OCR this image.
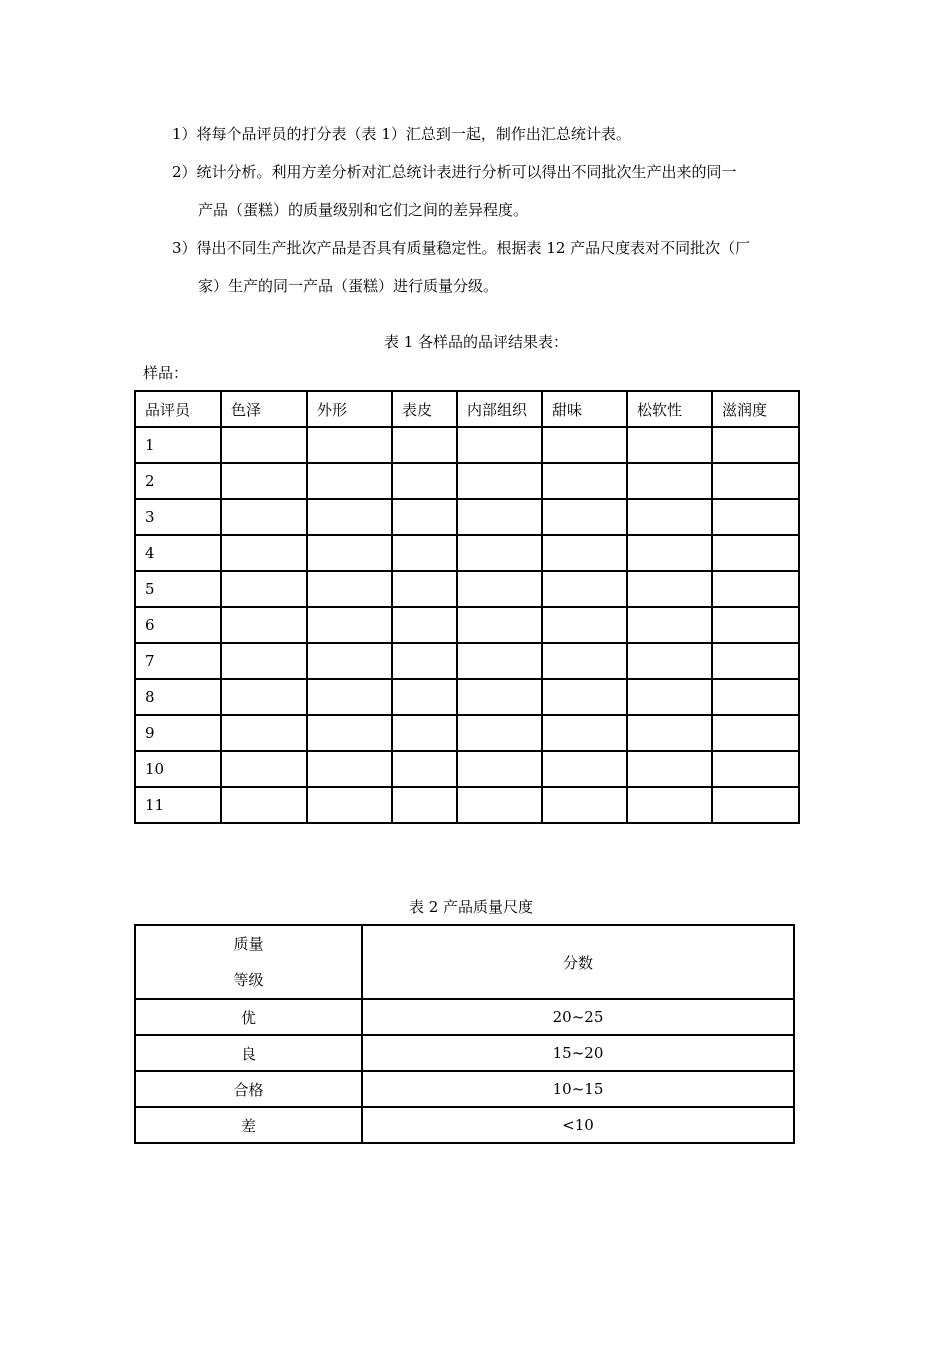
1）将每个品评员的打分表（表 1）汇总到一起，制作出汇总统计表。
2）统计分析。利用方差分析对汇总统计表进行分析可以得出不同批次生产出来的同一
产品（蛋糕）的质量级别和它们之间的差异程度。
3）得出不同生产批次产品是否具有质量稳定性。根据表 12 产品尺度表对不同批次（厂
家）生产的同一产品（蛋糕）进行质量分级。
表 1 各样品的品评结果表：
样品：
品评员	色泽	外形	表皮	内部组织	甜味	松软性	滋润度
1							
2							
3							
4							
5							
6							
7							
8							
9							
10							
11							
表 2 产品质量尺度
质量
等级	分数
优	20~25
良	15~20
合格	10~15
差	<10
